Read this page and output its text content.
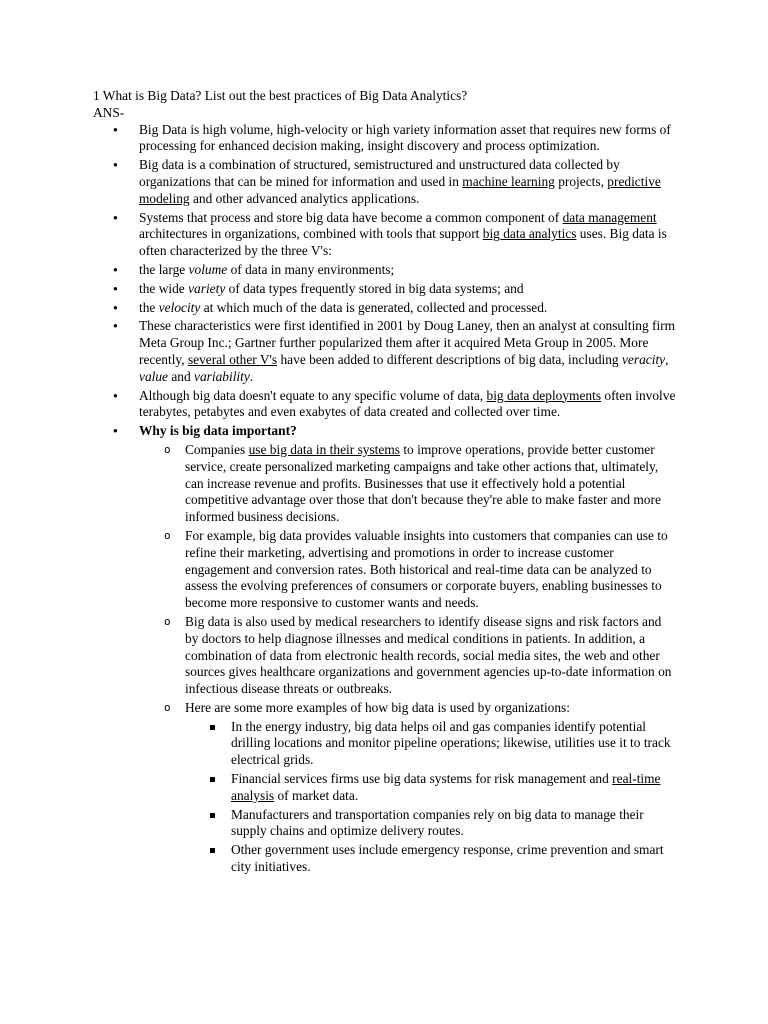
1 What is Big Data? List out the best practices of Big Data Analytics?

ANS-

● Big Data is high volume, high-velocity or high variety information asset that requires new forms of processing for enhanced decision making, insight discovery and process optimization.
● Big data is a combination of structured, semistructured and unstructured data collected by organizations that can be mined for information and used in machine learning projects, predictive modeling and other advanced analytics applications.
● Systems that process and store big data have become a common component of data management architectures in organizations, combined with tools that support big data analytics uses. Big data is often characterized by the three V's:
● the large volume of data in many environments;
● the wide variety of data types frequently stored in big data systems; and
● the velocity at which much of the data is generated, collected and processed.
● These characteristics were first identified in 2001 by Doug Laney, then an analyst at consulting firm Meta Group Inc.; Gartner further popularized them after it acquired Meta Group in 2005. More recently, several other V's have been added to different descriptions of big data, including veracity, value and variability.
● Although big data doesn't equate to any specific volume of data, big data deployments often involve terabytes, petabytes and even exabytes of data created and collected over time.
● Why is big data important?
o Companies use big data in their systems to improve operations, provide better customer service, create personalized marketing campaigns and take other actions that, ultimately, can increase revenue and profits. Businesses that use it effectively hold a potential competitive advantage over those that don't because they're able to make faster and more informed business decisions.
o For example, big data provides valuable insights into customers that companies can use to refine their marketing, advertising and promotions in order to increase customer engagement and conversion rates. Both historical and real-time data can be analyzed to assess the evolving preferences of consumers or corporate buyers, enabling businesses to become more responsive to customer wants and needs.
o Big data is also used by medical researchers to identify disease signs and risk factors and by doctors to help diagnose illnesses and medical conditions in patients. In addition, a combination of data from electronic health records, social media sites, the web and other sources gives healthcare organizations and government agencies up-to-date information on infectious disease threats or outbreaks.
o Here are some more examples of how big data is used by organizations:
In the energy industry, big data helps oil and gas companies identify potential drilling locations and monitor pipeline operations; likewise, utilities use it to track electrical grids.
Financial services firms use big data systems for risk management and real-time analysis of market data.
Manufacturers and transportation companies rely on big data to manage their supply chains and optimize delivery routes.
Other government uses include emergency response, crime prevention and smart city initiatives.
